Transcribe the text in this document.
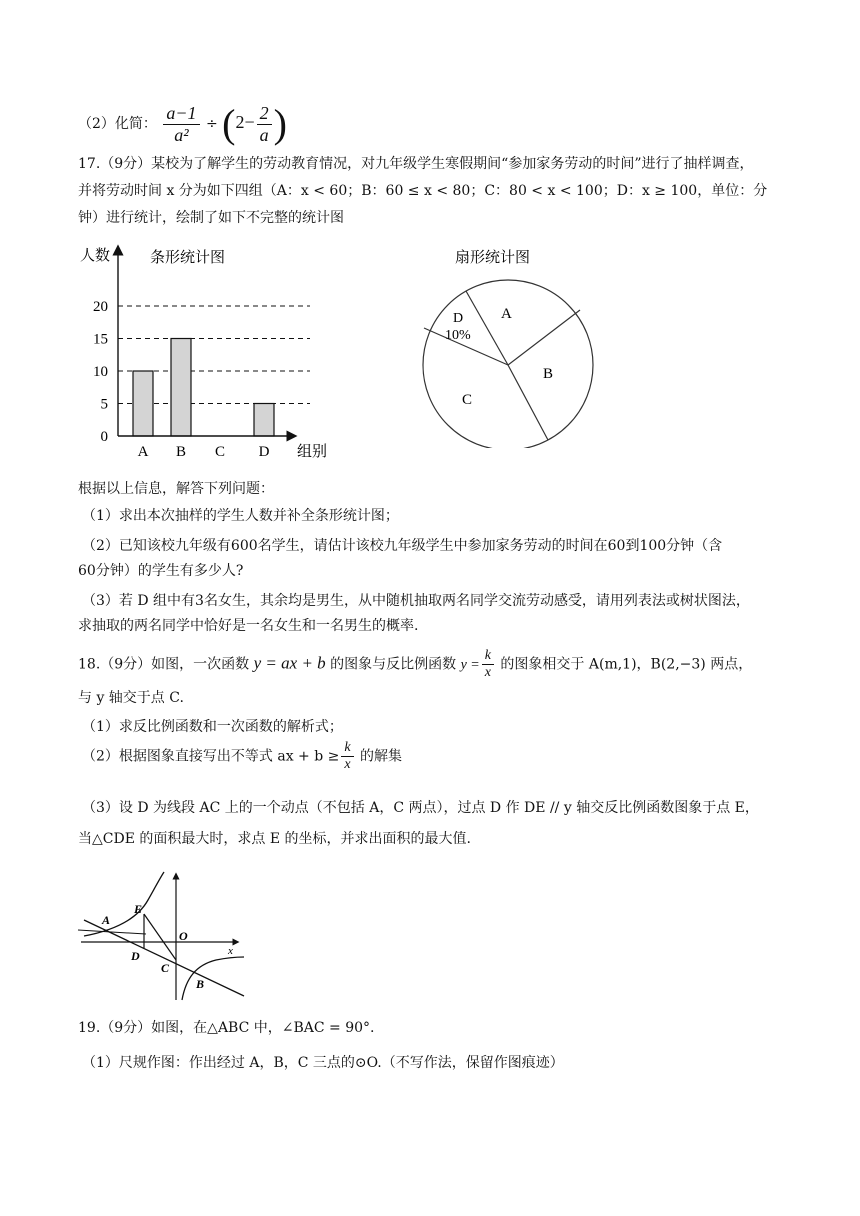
（2）化简： $\frac{a-1}{\text{a²}} \div (2- \frac{2}{a}$ )
17.（9分）某校为了解学生的劳动教育情况，对九年级学生寒假期间“参加家务劳动的时间”进行了抽样调查，
并将劳动时间 x 分为如下四组（A：x < 60；B：60 ≤ x < 80；C：80 < x < 100；D：x ≥ 100，单位：分
钟）进行统计，绘制了如下不完整的统计图
人数	条形统计图
组别
0
5
10
15
20
A B C D
扇形统计图
A
B
C
D
10%
根据以上信息，解答下列问题：
（1）求出本次抽样的学生人数并补全条形统计图；
（2）已知该校九年级有600名学生，请估计该校九年级学生中参加家务劳动的时间在60到100分钟（含
60分钟）的学生有多少人?
（3）若 D 组中有3名女生，其余均是男生，从中随机抽取两名同学交流劳动感受，请用列表法或树状图法，
求抽取的两名同学中恰好是一名女生和一名男生的概率.
18.（9分）如图，一次函数 y = ax + b 的图象与反比例函数 $y = \frac{k}{x}$ 的图象相交于 A(m,1)，B(2,−3) 两点，
与 y 轴交于点 C.
（1）求反比例函数和一次函数的解析式；
（2）根据图象直接写出不等式 ax + $b \ge \frac{k}{x}$ 的解集
（3）设 D 为线段 AC 上的一个动点（不包括 A，C 两点），过点 D 作 DE // y 轴交反比例函数图象于点 E，
当△CDE 的面积最大时，求点 E 的坐标，并求出面积的最大值.
A
E
O
D
C
B
x
19.（9分）如图，在△ABC 中，∠BAC = 90°.
（1）尺规作图：作出经过 A，B，C 三点的⊙O.（不写作法，保留作图痕迹）
